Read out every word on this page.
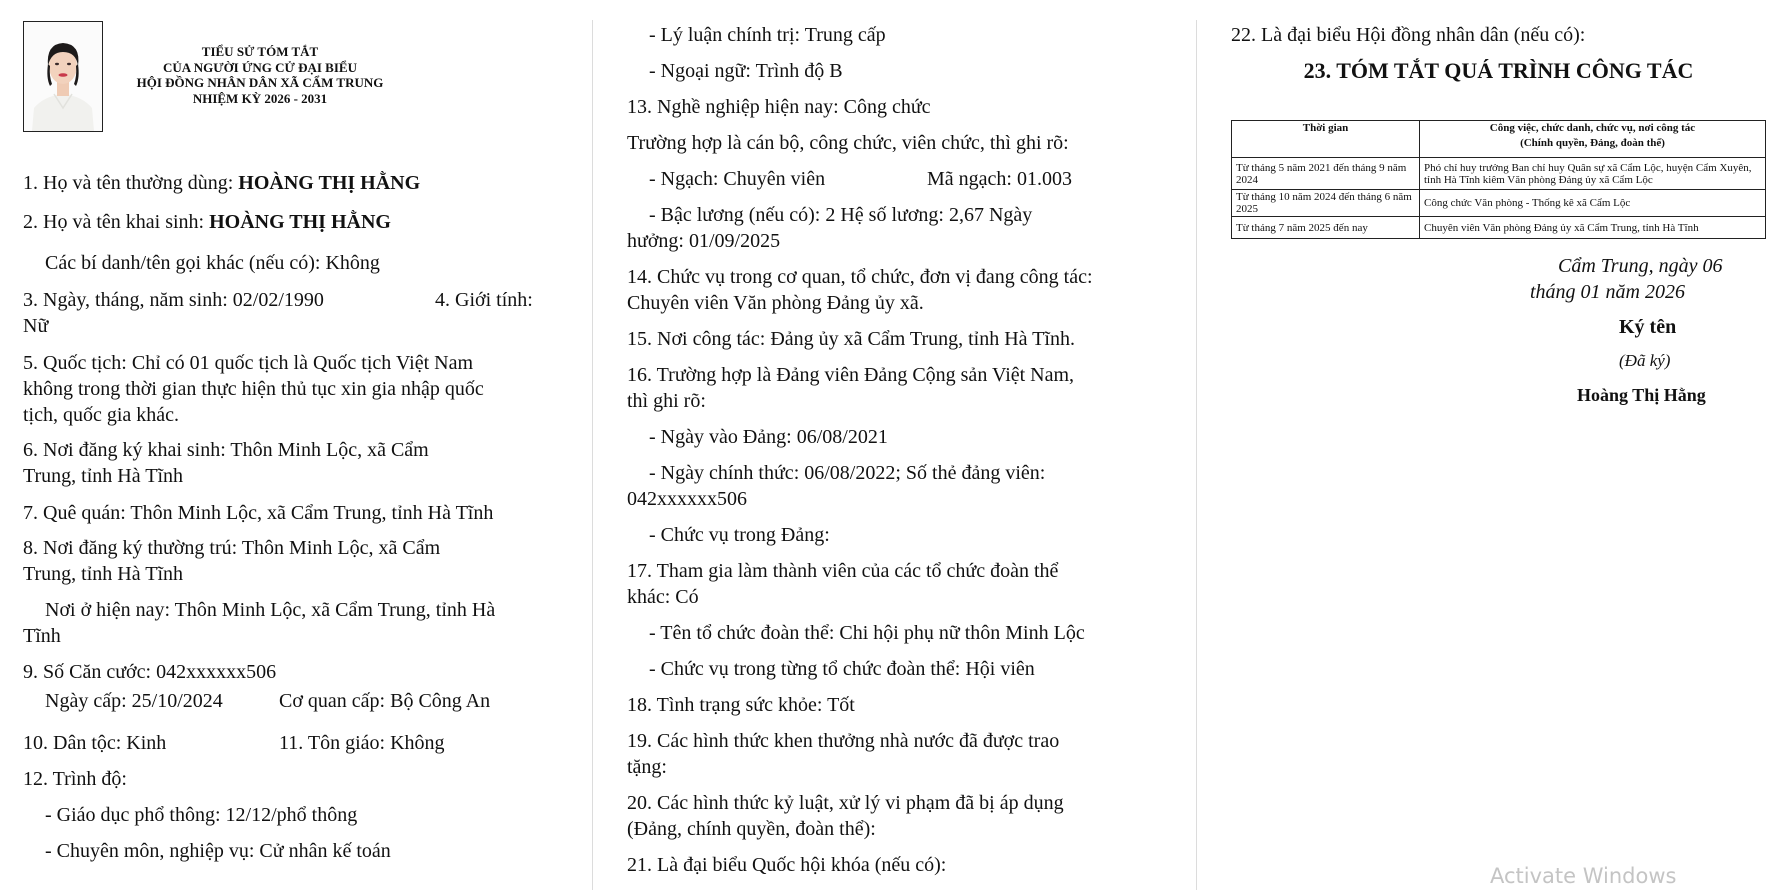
TIỂU SỬ TÓM TẮT
CỦA NGƯỜI ỨNG CỬ ĐẠI BIỂU
HỘI ĐỒNG NHÂN DÂN XÃ CẨM TRUNG
NHIỆM KỲ 2026 - 2031
1. Họ và tên thường dùng: HOÀNG THỊ HẰNG
2. Họ và tên khai sinh: HOÀNG THỊ HẰNG
Các bí danh/tên gọi khác (nếu có): Không
3. Ngày, tháng, năm sinh: 02/02/1990	4. Giới tính:
Nữ
5. Quốc tịch: Chỉ có 01 quốc tịch là Quốc tịch Việt Nam
không trong thời gian thực hiện thủ tục xin gia nhập quốc
tịch, quốc gia khác.
6. Nơi đăng ký khai sinh: Thôn Minh Lộc, xã Cẩm
Trung, tỉnh Hà Tĩnh
7. Quê quán: Thôn Minh Lộc, xã Cẩm Trung, tỉnh Hà Tĩnh
8. Nơi đăng ký thường trú: Thôn Minh Lộc, xã Cẩm
Trung, tỉnh Hà Tĩnh
Nơi ở hiện nay: Thôn Minh Lộc, xã Cẩm Trung, tỉnh Hà
Tĩnh
9. Số Căn cước: 042xxxxxx506
Ngày cấp: 25/10/2024	Cơ quan cấp: Bộ Công An
10. Dân tộc: Kinh	11. Tôn giáo: Không
12. Trình độ:
- Giáo dục phổ thông: 12/12/phổ thông
- Chuyên môn, nghiệp vụ: Cử nhân kế toán
- Lý luận chính trị: Trung cấp
- Ngoại ngữ: Trình độ B
13. Nghề nghiệp hiện nay: Công chức
Trường hợp là cán bộ, công chức, viên chức, thì ghi rõ:
- Ngạch: Chuyên viên	Mã ngạch: 01.003
- Bậc lương (nếu có): 2 Hệ số lương: 2,67 Ngày
hưởng: 01/09/2025
14. Chức vụ trong cơ quan, tổ chức, đơn vị đang công tác:
Chuyên viên Văn phòng Đảng ủy xã.
15. Nơi công tác: Đảng ủy xã Cẩm Trung, tỉnh Hà Tĩnh.
16. Trường hợp là Đảng viên Đảng Cộng sản Việt Nam,
thì ghi rõ:
- Ngày vào Đảng: 06/08/2021
- Ngày chính thức: 06/08/2022; Số thẻ đảng viên:
042xxxxxx506
- Chức vụ trong Đảng:
17. Tham gia làm thành viên của các tổ chức đoàn thể
khác: Có
- Tên tổ chức đoàn thể: Chi hội phụ nữ thôn Minh Lộc
- Chức vụ trong từng tổ chức đoàn thể: Hội viên
18. Tình trạng sức khỏe: Tốt
19. Các hình thức khen thưởng nhà nước đã được trao
tặng:
20. Các hình thức kỷ luật, xử lý vi phạm đã bị áp dụng
(Đảng, chính quyền, đoàn thể):
21. Là đại biểu Quốc hội khóa (nếu có):
22. Là đại biểu Hội đồng nhân dân (nếu có):
23. TÓM TẮT QUÁ TRÌNH CÔNG TÁC
Thời gian	Công việc, chức danh, chức vụ, nơi công tác
(Chính quyền, Đảng, đoàn thể)

Từ tháng 5 năm 2021 đến tháng 9 năm 2024	Phó chỉ huy trưởng Ban chỉ huy Quân sự xã Cẩm Lộc, huyện Cẩm Xuyên, tỉnh Hà Tĩnh kiêm Văn phòng Đảng ủy xã Cẩm Lộc
Từ tháng 10 năm 2024 đến tháng 6 năm 2025	Công chức Văn phòng - Thống kê xã Cẩm Lộc
Từ tháng 7 năm 2025 đến nay	Chuyên viên Văn phòng Đảng ủy xã Cẩm Trung, tỉnh Hà Tĩnh
Cẩm Trung, ngày 06
tháng 01 năm 2026
Ký tên
(Đã ký)
Hoàng Thị Hằng
Activate Windows
